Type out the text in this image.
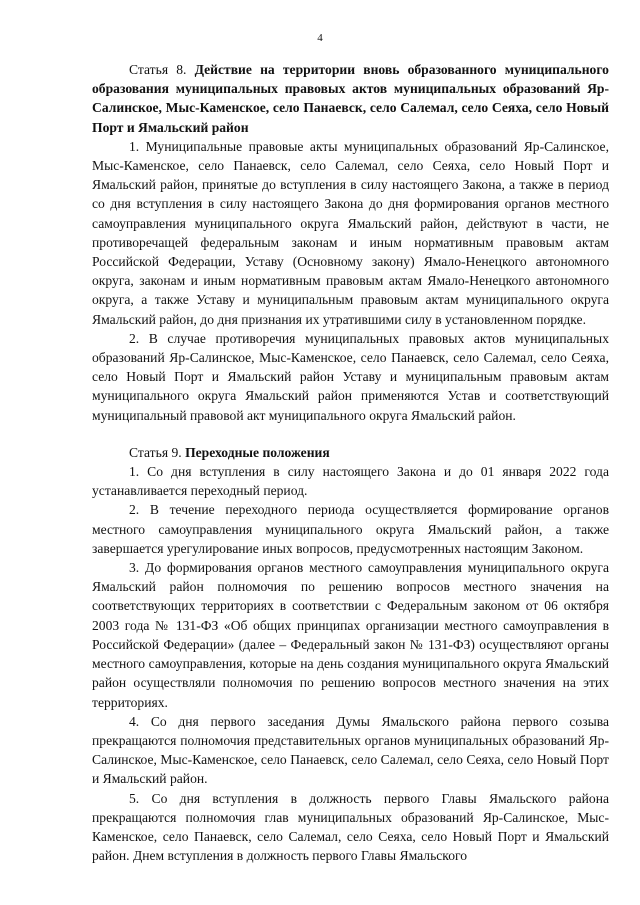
4

Статья 8. Действие на территории вновь образованного муниципального образования муниципальных правовых актов муниципальных образований Яр-Салинское, Мыс-Каменское, село Панаевск, село Салемал, село Сеяха, село Новый Порт и Ямальский район

1. Муниципальные правовые акты муниципальных образований Яр-Салинское, Мыс-Каменское, село Панаевск, село Салемал, село Сеяха, село Новый Порт и Ямальский район, принятые до вступления в силу настоящего Закона, а также в период со дня вступления в силу настоящего Закона до дня формирования органов местного самоуправления муниципального округа Ямальский район, действуют в части, не противоречащей федеральным законам и иным нормативным правовым актам Российской Федерации, Уставу (Основному закону) Ямало-Ненецкого автономного округа, законам и иным нормативным правовым актам Ямало-Ненецкого автономного округа, а также Уставу и муниципальным правовым актам муниципального округа Ямальский район, до дня признания их утратившими силу в установленном порядке.

2. В случае противоречия муниципальных правовых актов муниципальных образований Яр-Салинское, Мыс-Каменское, село Панаевск, село Салемал, село Сеяха, село Новый Порт и Ямальский район Уставу и муниципальным правовым актам муниципального округа Ямальский район применяются Устав и соответствующий муниципальный правовой акт муниципального округа Ямальский район.

Статья 9. Переходные положения

1. Со дня вступления в силу настоящего Закона и до 01 января 2022 года устанавливается переходный период.

2. В течение переходного периода осуществляется формирование органов местного самоуправления муниципального округа Ямальский район, а также завершается урегулирование иных вопросов, предусмотренных настоящим Законом.

3. До формирования органов местного самоуправления муниципального округа Ямальский район полномочия по решению вопросов местного значения на соответствующих территориях в соответствии с Федеральным законом от 06 октября 2003 года № 131-ФЗ «Об общих принципах организации местного самоуправления в Российской Федерации» (далее – Федеральный закон № 131-ФЗ) осуществляют органы местного самоуправления, которые на день создания муниципального округа Ямальский район осуществляли полномочия по решению вопросов местного значения на этих территориях.

4. Со дня первого заседания Думы Ямальского района первого созыва прекращаются полномочия представительных органов муниципальных образований Яр-Салинское, Мыс-Каменское, село Панаевск, село Салемал, село Сеяха, село Новый Порт и Ямальский район.

5. Со дня вступления в должность первого Главы Ямальского района прекращаются полномочия глав муниципальных образований Яр-Салинское, Мыс-Каменское, село Панаевск, село Салемал, село Сеяха, село Новый Порт и Ямальский район. Днем вступления в должность первого Главы Ямальского
